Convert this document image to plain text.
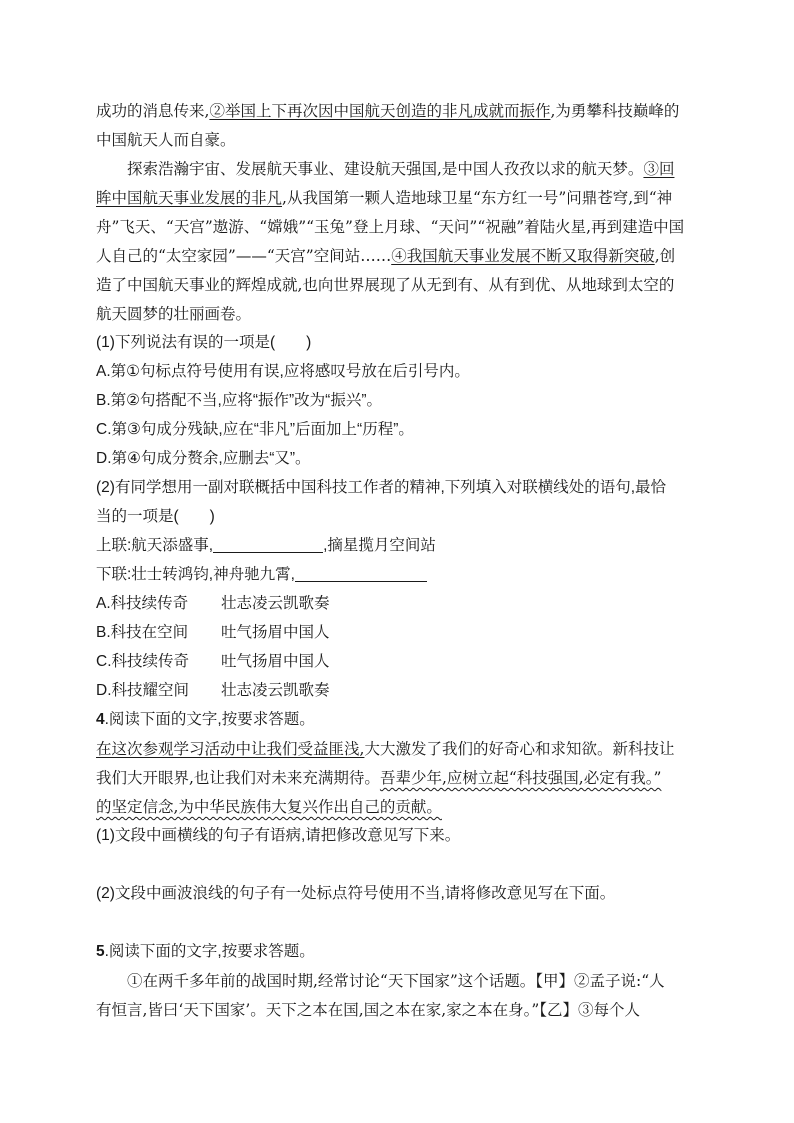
成功的消息传来,②举国上下再次因中国航天创造的非凡成就而振作,为勇攀科技巅峰的
中国航天人而自豪。
探索浩瀚宇宙、发展航天事业、建设航天强国,是中国人孜孜以求的航天梦。③回
眸中国航天事业发展的非凡,从我国第一颗人造地球卫星“东方红一号”问鼎苍穹,到“神
舟”飞天、“天宫”遨游、“嫦娥”“玉兔”登上月球、“天问”“祝融”着陆火星,再到建造中国
人自己的“太空家园”——“天宫”空间站……④我国航天事业发展不断又取得新突破,创
造了中国航天事业的辉煌成就,也向世界展现了从无到有、从有到优、从地球到太空的
航天圆梦的壮丽画卷。
(1)下列说法有误的一项是(　　)
A.第①句标点符号使用有误,应将感叹号放在后引号内。
B.第②句搭配不当,应将“振作”改为“振兴”。
C.第③句成分残缺,应在“非凡”后面加上“历程”。
D.第④句成分赘余,应删去“又”。
(2)有同学想用一副对联概括中国科技工作者的精神,下列填入对联横线处的语句,最恰
当的一项是(　　)
上联:航天添盛事,	,摘星揽月空间站
下联:壮士转鸿钧,神舟驰九霄,
A.科技续传奇 壮志凌云凯歌奏
B.科技在空间 吐气扬眉中国人
C.科技续传奇 吐气扬眉中国人
D.科技耀空间 壮志凌云凯歌奏
4.阅读下面的文字,按要求答题。
在这次参观学习活动中让我们受益匪浅,大大激发了我们的好奇心和求知欲。新科技让
我们大开眼界,也让我们对未来充满期待。吾辈少年,应树立起“科技强国,必定有我。”
的坚定信念,为中华民族伟大复兴作出自己的贡献。
(1)文段中画横线的句子有语病,请把修改意见写下来。
(2)文段中画波浪线的句子有一处标点符号使用不当,请将修改意见写在下面。
5.阅读下面的文字,按要求答题。
①在两千多年前的战国时期,经常讨论“天下国家”这个话题。【甲】②孟子说:“人
有恒言,皆曰‘天下国家’。天下之本在国,国之本在家,家之本在身。”【乙】③每个人
